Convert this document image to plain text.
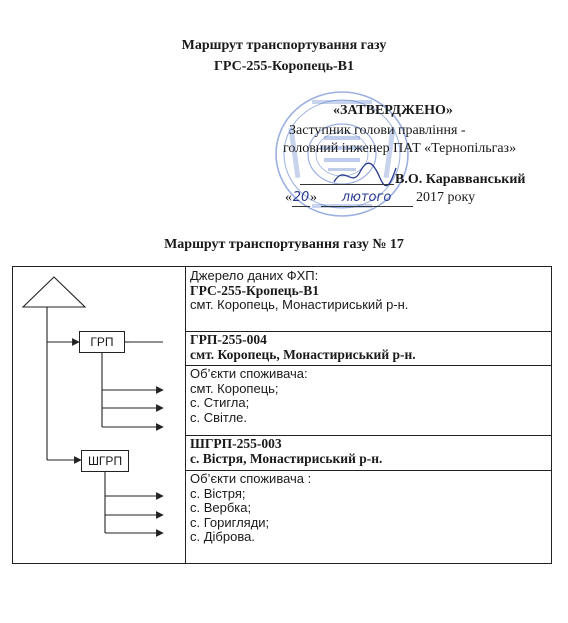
Маршрут транспортування газу
ГРС-255-Коропець-В1
«ЗАТВЕРДЖЕНО»
Заступник голови правління -
головний інженер ПАТ «Тернопільгаз»
В.О. Каравванський
«20» лютого 2017 року
Маршрут транспортування газу № 17
ГРП
ШГРП
Джерело даних ФХП:
ГРС-255-Кропець-В1
смт. Коропець, Монастириський р-н.
ГРП-255-004
смт. Коропець, Монастириський р-н.
Об’єкти споживача:
смт. Коропець;
с. Стигла;
с. Світле.
ШГРП-255-003
с. Вістря, Монастириський р-н.
Об’єкти споживача :
с. Вістря;
с. Вербка;
с. Горигляди;
с. Діброва.
